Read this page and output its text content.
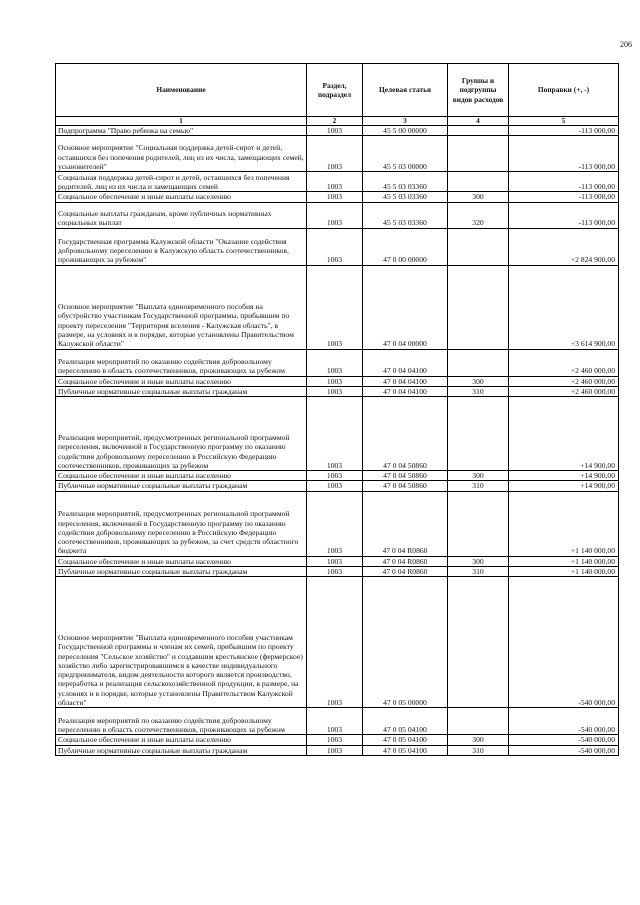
206
Наименование	Раздел, подраздел	Целевая статья	Группы и подгруппы видов расходов	Поправки (+, -)
1	2	3	4	5
Подпрограмма "Право ребенка на семью"	1003	45 5 00 00000		-113 000,00
Основное мероприятие "Социальная поддержка детей-сирот и детей, оставшихся без попечения родителей, лиц из их числа, замещающих семей, усыновителей"	1003	45 5 03 00000		-113 000,00
Социальная поддержка детей-сирот и детей, оставшихся без попечения родителей, лиц из их числа и замещающих семей	1003	45 5 03 03360		-113 000,00
Социальное обеспечение и иные выплаты населению	1003	45 5 03 03360	300	-113 000,00
Социальные выплаты гражданам, кроме публичных нормативных социальных выплат	1003	45 5 03 03360	320	-113 000,00
Государственная программа Калужской области "Оказание содействия добровольному переселению в Калужскую область соотечественников, проживающих за рубежом"	1003	47 0 00 00000		+2 824 900,00
Основное мероприятие "Выплата единовременного пособия на обустройство участникам Государственной программы, прибывшим по проекту переселения "Территория вселения - Калужская область", в размере, на условиях и в порядке, которые установлены Правительством Калужской области"	1003	47 0 04 00000		+3 614 900,00
Реализация мероприятий по оказанию содействия добровольному переселению в область соотечественников, проживающих за рубежом	1003	47 0 04 04100		+2 460 000,00
Социальное обеспечение и иные выплаты населению	1003	47 0 04 04100	300	+2 460 000,00
Публичные нормативные социальные выплаты гражданам	1003	47 0 04 04100	310	+2 460 000,00
Реализация мероприятий, предусмотренных региональной программой переселения, включенной в Государственную программу по оказанию содействия добровольному переселению в Российскую Федерацию соотечественников, проживающих за рубежом	1003	47 0 04 50860		+14 900,00
Социальное обеспечение и иные выплаты населению	1003	47 0 04 50860	300	+14 900,00
Публичные нормативные социальные выплаты гражданам	1003	47 0 04 50860	310	+14 900,00
Реализация мероприятий, предусмотренных региональной программой переселения, включенной в Государственную программу по оказанию содействия добровольному переселению в Российскую Федерацию соотечественников, проживающих за рубежом, за счет средств областного бюджета	1003	47 0 04 R0860		+1 140 000,00
Социальное обеспечение и иные выплаты населению	1003	47 0 04 R0860	300	+1 140 000,00
Публичные нормативные социальные выплаты гражданам	1003	47 0 04 R0860	310	+1 140 000,00
Основное мероприятие "Выплата единовременного пособия участникам Государственной программы и членам их семей, прибывшим по проекту переселения "Сельское хозяйство" и создавшим крестьянское (фермерское) хозяйство либо зарегистрировавшимся в качестве индивидуального предпринимателя, видом деятельности которого является производство, переработка и реализация сельскохозяйственной продукции, в размере, на условиях и в порядке, которые установлены Правительством Калужской области"	1003	47 0 05 00000		-540 000,00
Реализация мероприятий по оказанию содействия добровольному переселению в область соотечественников, проживающих за рубежом	1003	47 0 05 04100		-540 000,00
Социальное обеспечение и иные выплаты населению	1003	47 0 05 04100	300	-540 000,00
Публичные нормативные социальные выплаты гражданам	1003	47 0 05 04100	310	-540 000,00
